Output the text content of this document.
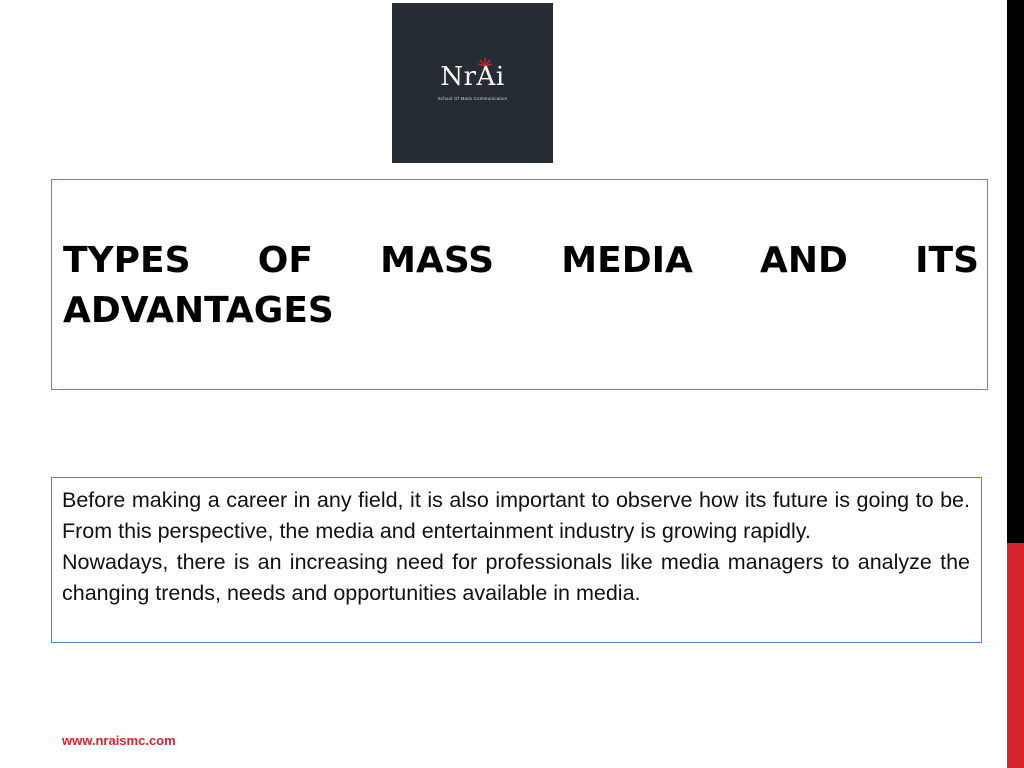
NrAi
School Of Mass Communication
TYPES OF MASS MEDIA AND ITS ADVANTAGES

Before making a career in any field, it is also important to observe how its future is going to be. From this perspective, the media and entertainment industry is growing rapidly.

Nowadays, there is an increasing need for professionals like media managers to analyze the changing trends, needs and opportunities available in media.

www.nraismc.com
